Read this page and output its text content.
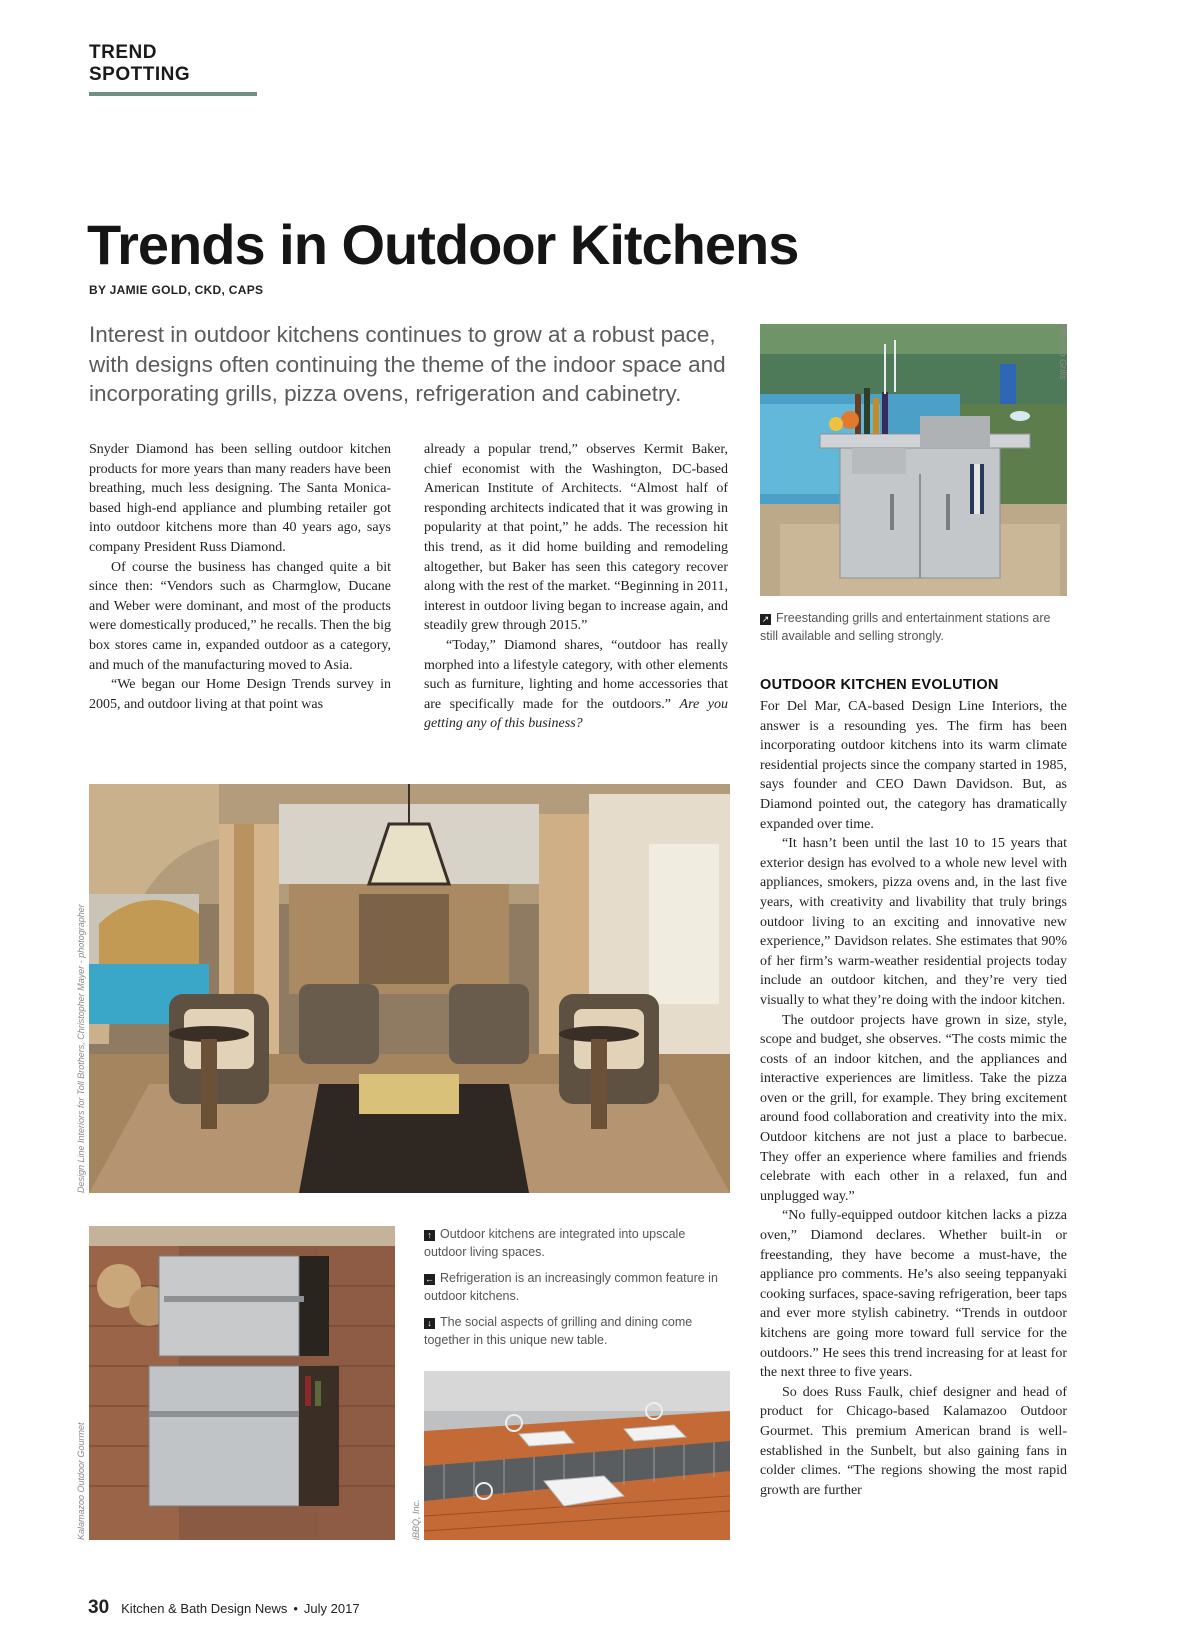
TREND SPOTTING
Trends in Outdoor Kitchens
BY JAMIE GOLD, CKD, CAPS

Interest in outdoor kitchens continues to grow at a robust pace, with designs often continuing the theme of the indoor space and incorporating grills, pizza ovens, refrigeration and cabinetry.

Snyder Diamond has been selling outdoor kitchen products for more years than many readers have been breathing, much less designing. The Santa Monica-based high-end appliance and plumbing retailer got into outdoor kitchens more than 40 years ago, says company President Russ Diamond.

Of course the business has changed quite a bit since then: “Vendors such as Charmglow, Ducane and Weber were dominant, and most of the products were domestically produced,” he recalls. Then the big box stores came in, expanded outdoor as a category, and much of the manufacturing moved to Asia.

“We began our Home Design Trends survey in 2005, and outdoor living at that point was

already a popular trend,” observes Kermit Baker, chief economist with the Washington, DC-based American Institute of Architects. “Almost half of responding architects indicated that it was growing in popularity at that point,” he adds. The recession hit this trend, as it did home building and remodeling altogether, but Baker has seen this category recover along with the rest of the market. “Beginning in 2011, interest in outdoor living began to increase again, and steadily grew through 2015.”

“Today,” Diamond shares, “outdoor has really morphed into a lifestyle category, with other elements such as furniture, lighting and home accessories that are specifically made for the outdoors.” Are you getting any of this business?

Alfresco Grills
↗ Freestanding grills and entertainment stations are still available and selling strongly.
OUTDOOR KITCHEN EVOLUTION

For Del Mar, CA-based Design Line Interiors, the answer is a resounding yes. The firm has been incorporating outdoor kitchens into its warm climate residential projects since the company started in 1985, says founder and CEO Dawn Davidson. But, as Diamond pointed out, the category has dramatically expanded over time.

“It hasn’t been until the last 10 to 15 years that exterior design has evolved to a whole new level with appliances, smokers, pizza ovens and, in the last five years, with creativity and livability that truly brings outdoor living to an exciting and innovative new experience,” Davidson relates. She estimates that 90% of her firm’s warm-weather residential projects today include an outdoor kitchen, and they’re very tied visually to what they’re doing with the indoor kitchen.

The outdoor projects have grown in size, style, scope and budget, she observes. “The costs mimic the costs of an indoor kitchen, and the appliances and interactive experiences are limitless. Take the pizza oven or the grill, for example. They bring excitement around food collaboration and creativity into the mix. Outdoor kitchens are not just a place to barbecue. They offer an experience where families and friends celebrate with each other in a relaxed, fun and unplugged way.”

“No fully-equipped outdoor kitchen lacks a pizza oven,” Diamond declares. Whether built-in or freestanding, they have become a must-have, the appliance pro comments. He’s also seeing teppanyaki cooking surfaces, space-saving refrigeration, beer taps and ever more stylish cabinetry. “Trends in outdoor kitchens are going more toward full service for the outdoors.” He sees this trend increasing for at least for the next three to five years.

So does Russ Faulk, chief designer and head of product for Chicago-based Kalamazoo Outdoor Gourmet. This premium American brand is well-established in the Sunbelt, but also gaining fans in colder climes. “The regions showing the most rapid growth are further

Design Line Interiors for Toll Brothers, Christopher Mayer - photographer
Kalamazoo Outdoor Gourmet
↑ Outdoor kitchens are integrated into upscale outdoor living spaces.
← Refrigeration is an increasingly common feature in outdoor kitchens.
↓ The social aspects of grilling and dining come together in this unique new table.
iBBQ, Inc.
30 Kitchen & Bath Design News • July 2017
